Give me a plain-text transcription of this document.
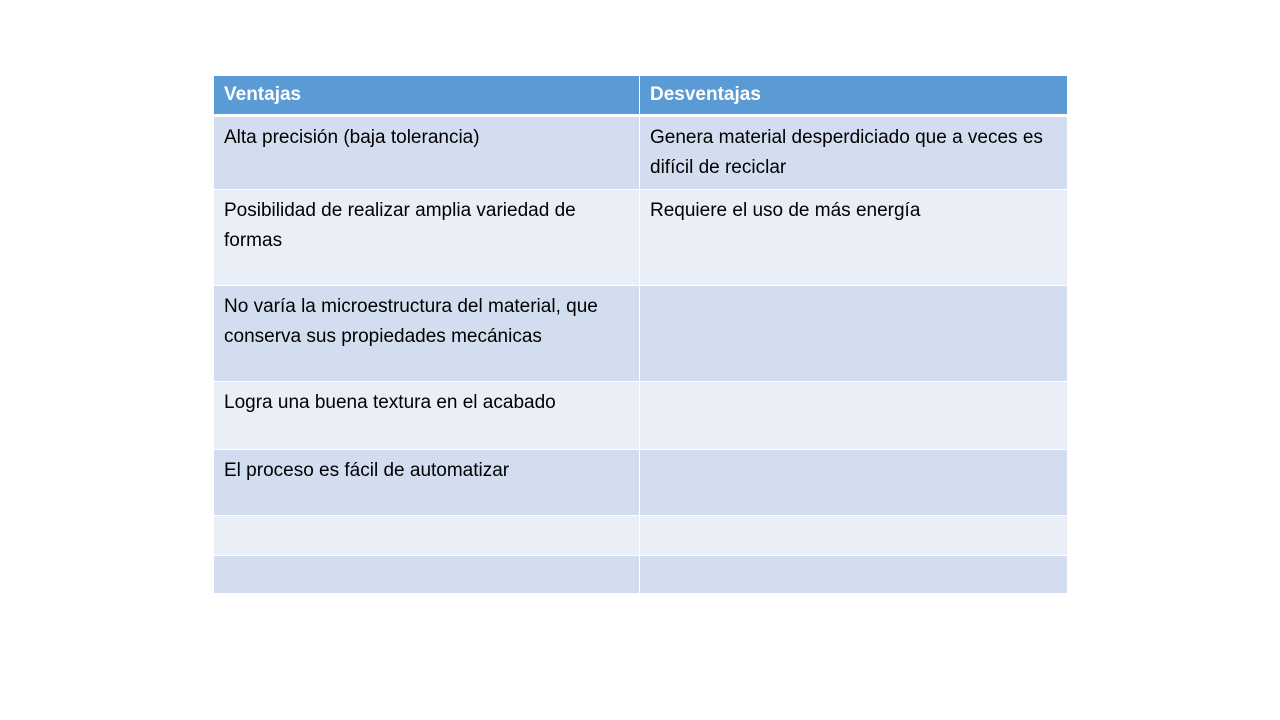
Ventajas	Desventajas
Alta precisión (baja tolerancia)	Genera material desperdiciado que a veces es difícil de reciclar
Posibilidad de realizar amplia variedad de formas	Requiere el uso de más energía
No varía la microestructura del material, que conserva sus propiedades mecánicas	
Logra una buena textura en el acabado	
El proceso es fácil de automatizar	
